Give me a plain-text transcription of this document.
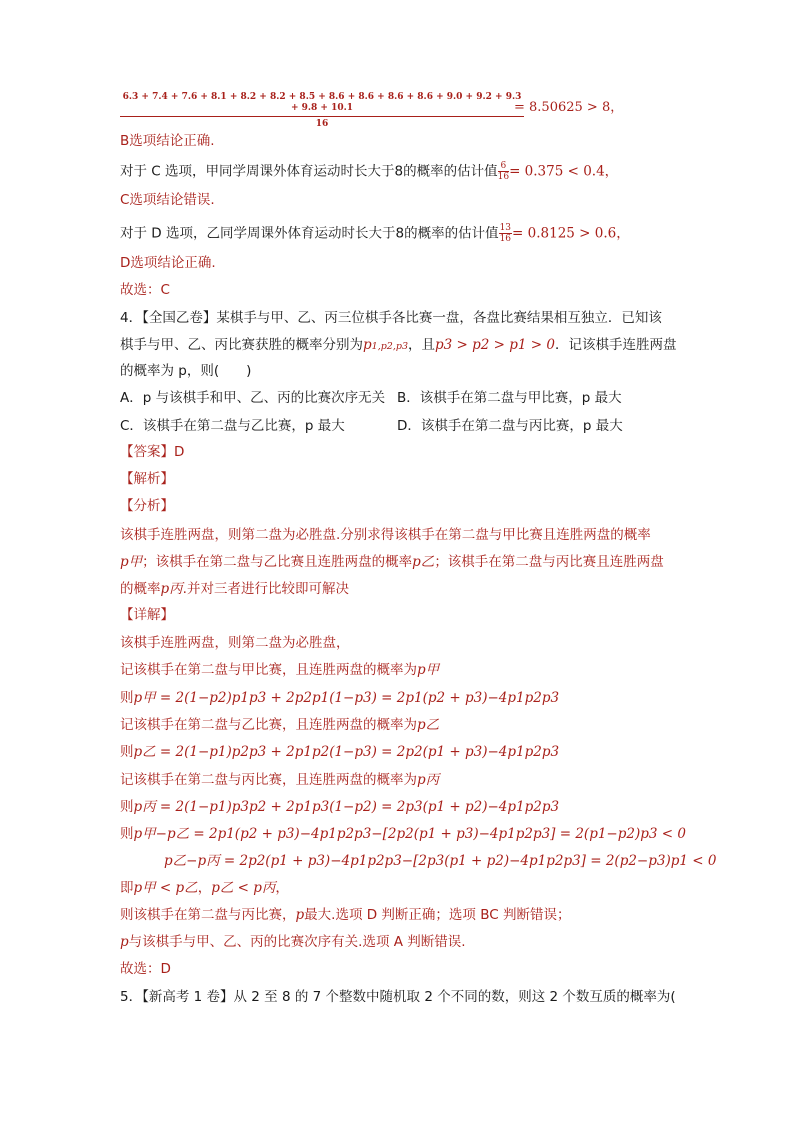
6.3 + 7.4 + 7.6 + 8.1 + 8.2 + 8.2 + 8.5 + 8.6 + 8.6 + 8.6 + 8.6 + 9.0 + 9.2 + 9.3 + 9.8 + 10.1
16
= 8.50625 > 8，
B选项结论正确.
对于 C 选项，甲同学周课外体育运动时长大于8的概率的估计值 $\frac{6}{16} = 0.375 < 0.4$，
C选项结论错误.
对于 D 选项，乙同学周课外体育运动时长大于8的概率的估计值 $\frac{13}{16} = 0.8125 > 0.6$，
D选项结论正确.
故选：C
4．【全国乙卷】某棋手与甲、乙、丙三位棋手各比赛一盘，各盘比赛结果相互独立．已知该
棋手与甲、乙、丙比赛获胜的概率分别为p1,p2,p3，且p3 > p2 > p1 > 0．记该棋手连胜两盘
的概率为 p，则(　　)
A．p 与该棋手和甲、乙、丙的比赛次序无关 B．该棋手在第二盘与甲比赛，p 最大
C．该棋手在第二盘与乙比赛，p 最大	D．该棋手在第二盘与丙比赛，p 最大
【答案】D
【解析】
【分析】
该棋手连胜两盘，则第二盘为必胜盘.分别求得该棋手在第二盘与甲比赛且连胜两盘的概率
p甲；该棋手在第二盘与乙比赛且连胜两盘的概率p乙；该棋手在第二盘与丙比赛且连胜两盘
的概率p丙.并对三者进行比较即可解决
【详解】
该棋手连胜两盘，则第二盘为必胜盘，
记该棋手在第二盘与甲比赛，且连胜两盘的概率为p甲
则p甲 = 2(1−p2)p1p3 + 2p2p1(1−p3) = 2p1(p2 + p3)−4p1p2p3
记该棋手在第二盘与乙比赛，且连胜两盘的概率为p乙
则p乙 = 2(1−p1)p2p3 + 2p1p2(1−p3) = 2p2(p1 + p3)−4p1p2p3
记该棋手在第二盘与丙比赛，且连胜两盘的概率为p丙
则p丙 = 2(1−p1)p3p2 + 2p1p3(1−p2) = 2p3(p1 + p2)−4p1p2p3
则p甲−p乙 = 2p1(p2 + p3)−4p1p2p3−[2p2(p1 + p3)−4p1p2p3] = 2(p1−p2)p3 < 0
p乙−p丙 = 2p2(p1 + p3)−4p1p2p3−[2p3(p1 + p2)−4p1p2p3] = 2(p2−p3)p1 < 0
即p甲 < p乙，p乙 < p丙，
则该棋手在第二盘与丙比赛，p最大.选项 D 判断正确；选项 BC 判断错误；
p与该棋手与甲、乙、丙的比赛次序有关.选项 A 判断错误.
故选：D
5．【新高考 1 卷】从 2 至 8 的 7 个整数中随机取 2 个不同的数，则这 2 个数互质的概率为(
